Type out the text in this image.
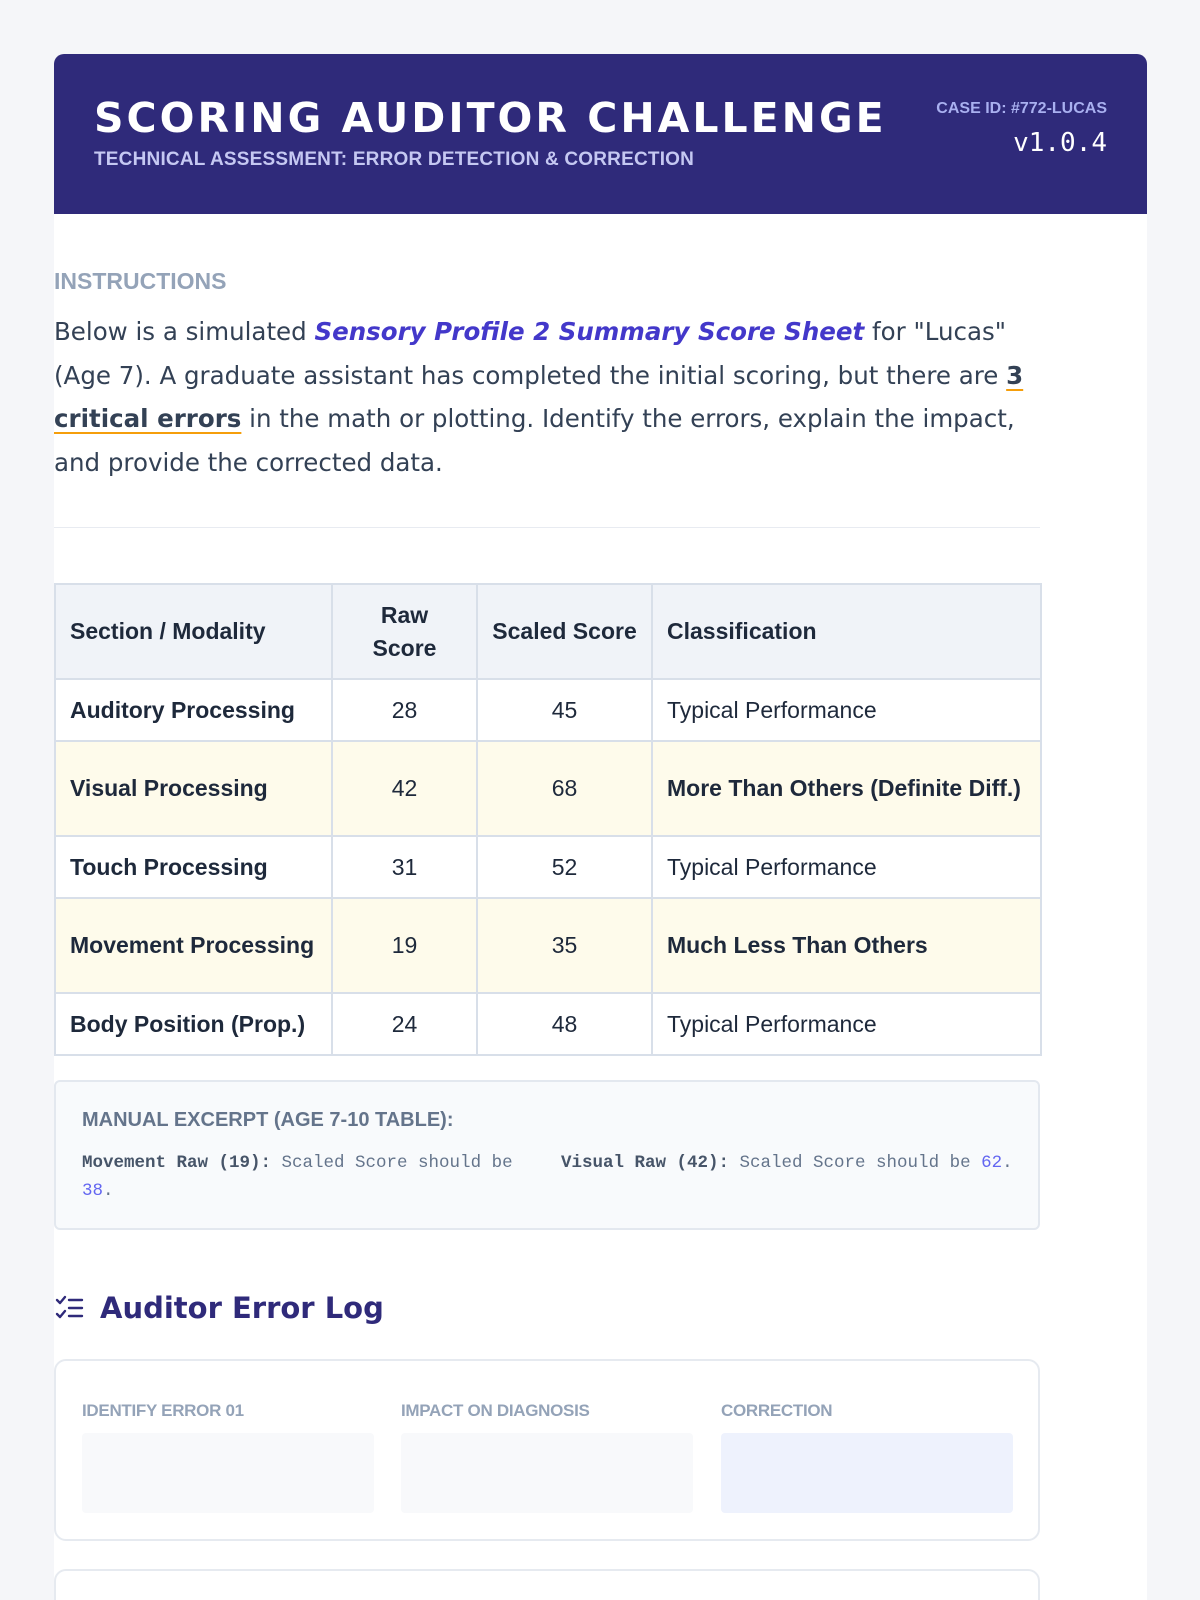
SCORING AUDITOR CHALLENGE
TECHNICAL ASSESSMENT: ERROR DETECTION & CORRECTION
CASE ID: #772-LUCAS
v1.0.4
INSTRUCTIONS

Below is a simulated Sensory Profile 2 Summary Score Sheet for "Lucas" (Age 7). A graduate assistant has completed the initial scoring, but there are 3 critical errors in the math or plotting. Identify the errors, explain the impact, and provide the corrected data.

Section / Modality	Raw Score	Scaled Score	Classification
Auditory Processing	28	45	Typical Performance
Visual Processing	42	68	More Than Others (Definite Diff.)
Touch Processing	31	52	Typical Performance
Movement Processing	19	35	Much Less Than Others
Body Position (Prop.)	24	48	Typical Performance
MANUAL EXCERPT (AGE 7-10 TABLE):
Movement Raw (19): Scaled Score should be 38.
Visual Raw (42): Scaled Score should be 62.
Auditor Error Log
IDENTIFY ERROR 01	IMPACT ON DIAGNOSIS	CORRECTION
